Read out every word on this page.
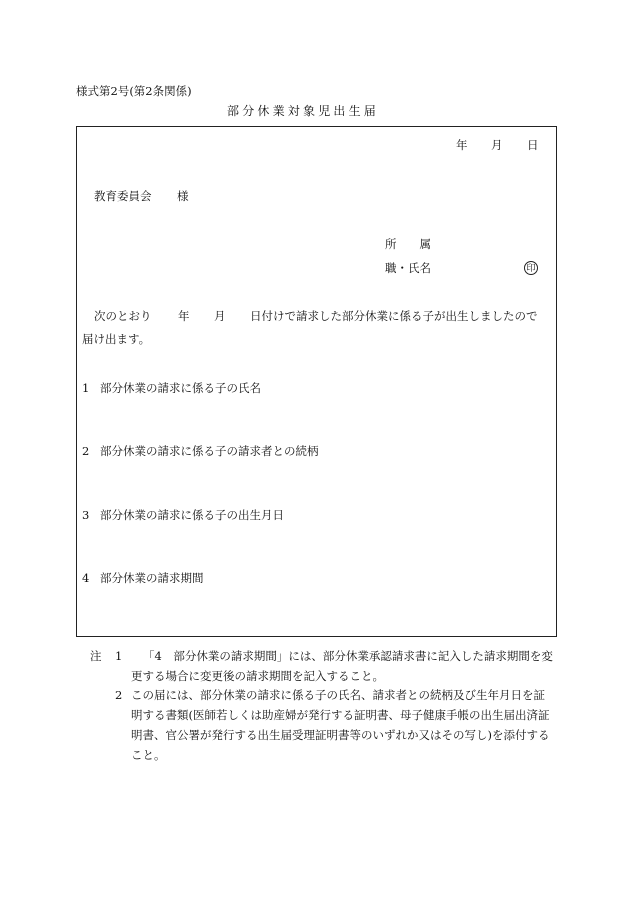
様式第2号(第2条関係)
部分休業対象児出生届
年 月 日
教育委員会 様
所　　属
職・氏名	印
次のとおり 年 月 日付けで請求した部分休業に係る子が出生しましたので
届け出ます。
1 部分休業の請求に係る子の氏名
2 部分休業の請求に係る子の請求者との続柄
3 部分休業の請求に係る子の出生月日
4 部分休業の請求期間
注 1 「4　部分休業の請求期間」には、部分休業承認請求書に記入した請求期間を変
更する場合に変更後の請求期間を記入すること。
2 この届には、部分休業の請求に係る子の氏名、請求者との続柄及び生年月日を証
明する書類(医師若しくは助産婦が発行する証明書、母子健康手帳の出生届出済証
明書、官公署が発行する出生届受理証明書等のいずれか又はその写し)を添付する
こと。
